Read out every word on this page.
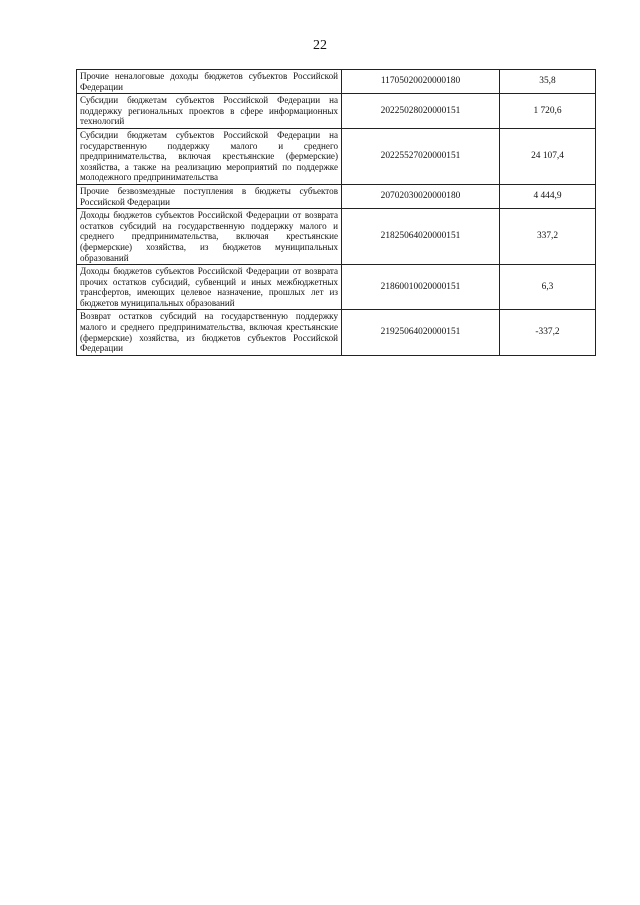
22
Прочие неналоговые доходы бюджетов субъектов Российской Федерации	11705020020000180	35,8
Субсидии бюджетам субъектов Российской Федерации на поддержку региональных проектов в сфере информационных технологий	20225028020000151	1 720,6
Субсидии бюджетам субъектов Российской Федерации на государственную поддержку малого и среднего предпринимательства, включая крестьянские (фермерские) хозяйства, а также на реализацию мероприятий по поддержке молодежного предпринимательства	20225527020000151	24 107,4
Прочие безвозмездные поступления в бюджеты субъектов Российской Федерации	20702030020000180	4 444,9
Доходы бюджетов субъектов Российской Федерации от возврата остатков субсидий на государственную поддержку малого и среднего предпринимательства, включая крестьянские (фермерские) хозяйства, из бюджетов муниципальных образований	21825064020000151	337,2
Доходы бюджетов субъектов Российской Федерации от возврата прочих остатков субсидий, субвенций и иных межбюджетных трансфертов, имеющих целевое назначение, прошлых лет из бюджетов муниципальных образований	21860010020000151	6,3
Возврат остатков субсидий на государственную поддержку малого и среднего предпринимательства, включая крестьянские (фермерские) хозяйства, из бюджетов субъектов Российской Федерации	21925064020000151	-337,2
